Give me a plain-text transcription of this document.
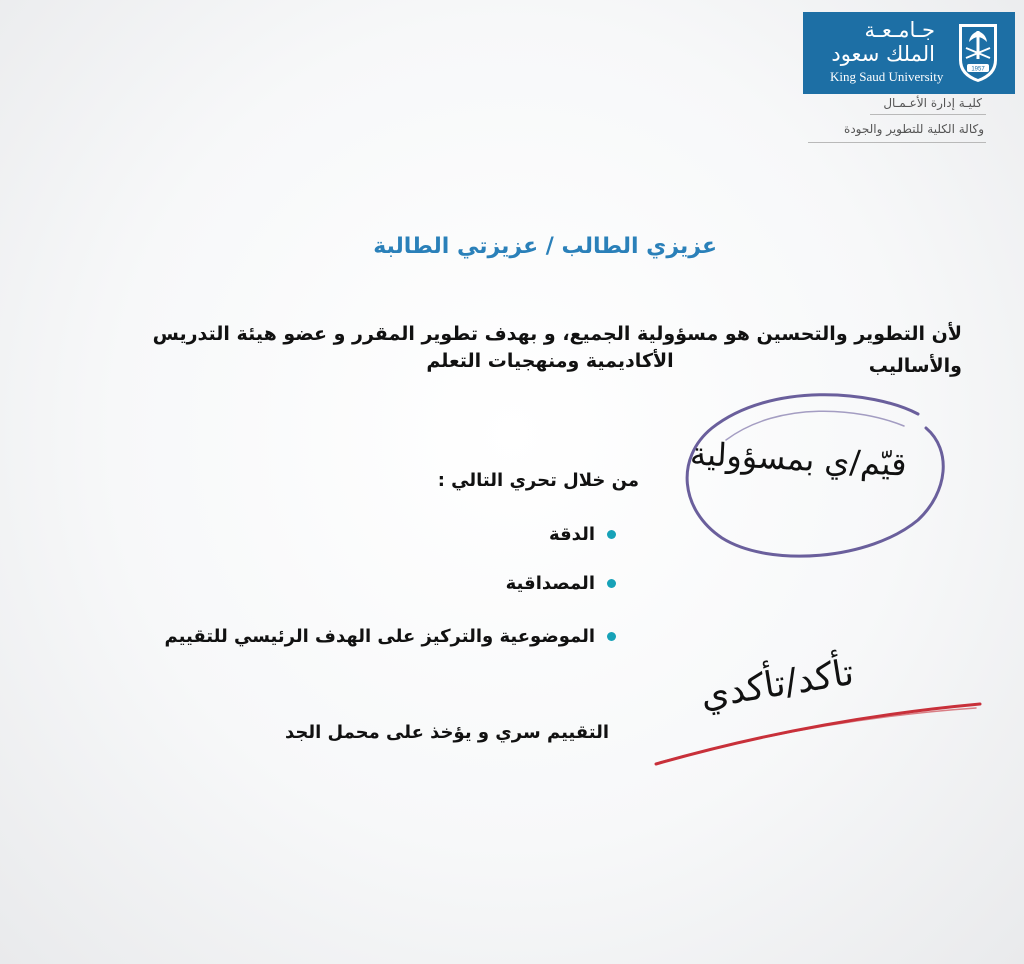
جـامـعـة
الملك سعود
King Saud University	1957
كليـة إدارة الأعـمـال
وكالة الكلية للتطوير والجودة
عزيزي الطالب / عزيزتي الطالبة
لأن التطوير والتحسين هو مسؤولية الجميع، و بهدف تطوير المقرر و عضو هيئة التدريس والأساليب
الأكاديمية ومنهجيات التعلم
قيّم/ي بمسؤولية
من خلال تحري التالي :
الدقة
المصداقية
الموضوعية والتركيز على الهدف الرئيسي للتقييم
تأكد/تأكدي
التقييم سري و يؤخذ على محمل الجد
